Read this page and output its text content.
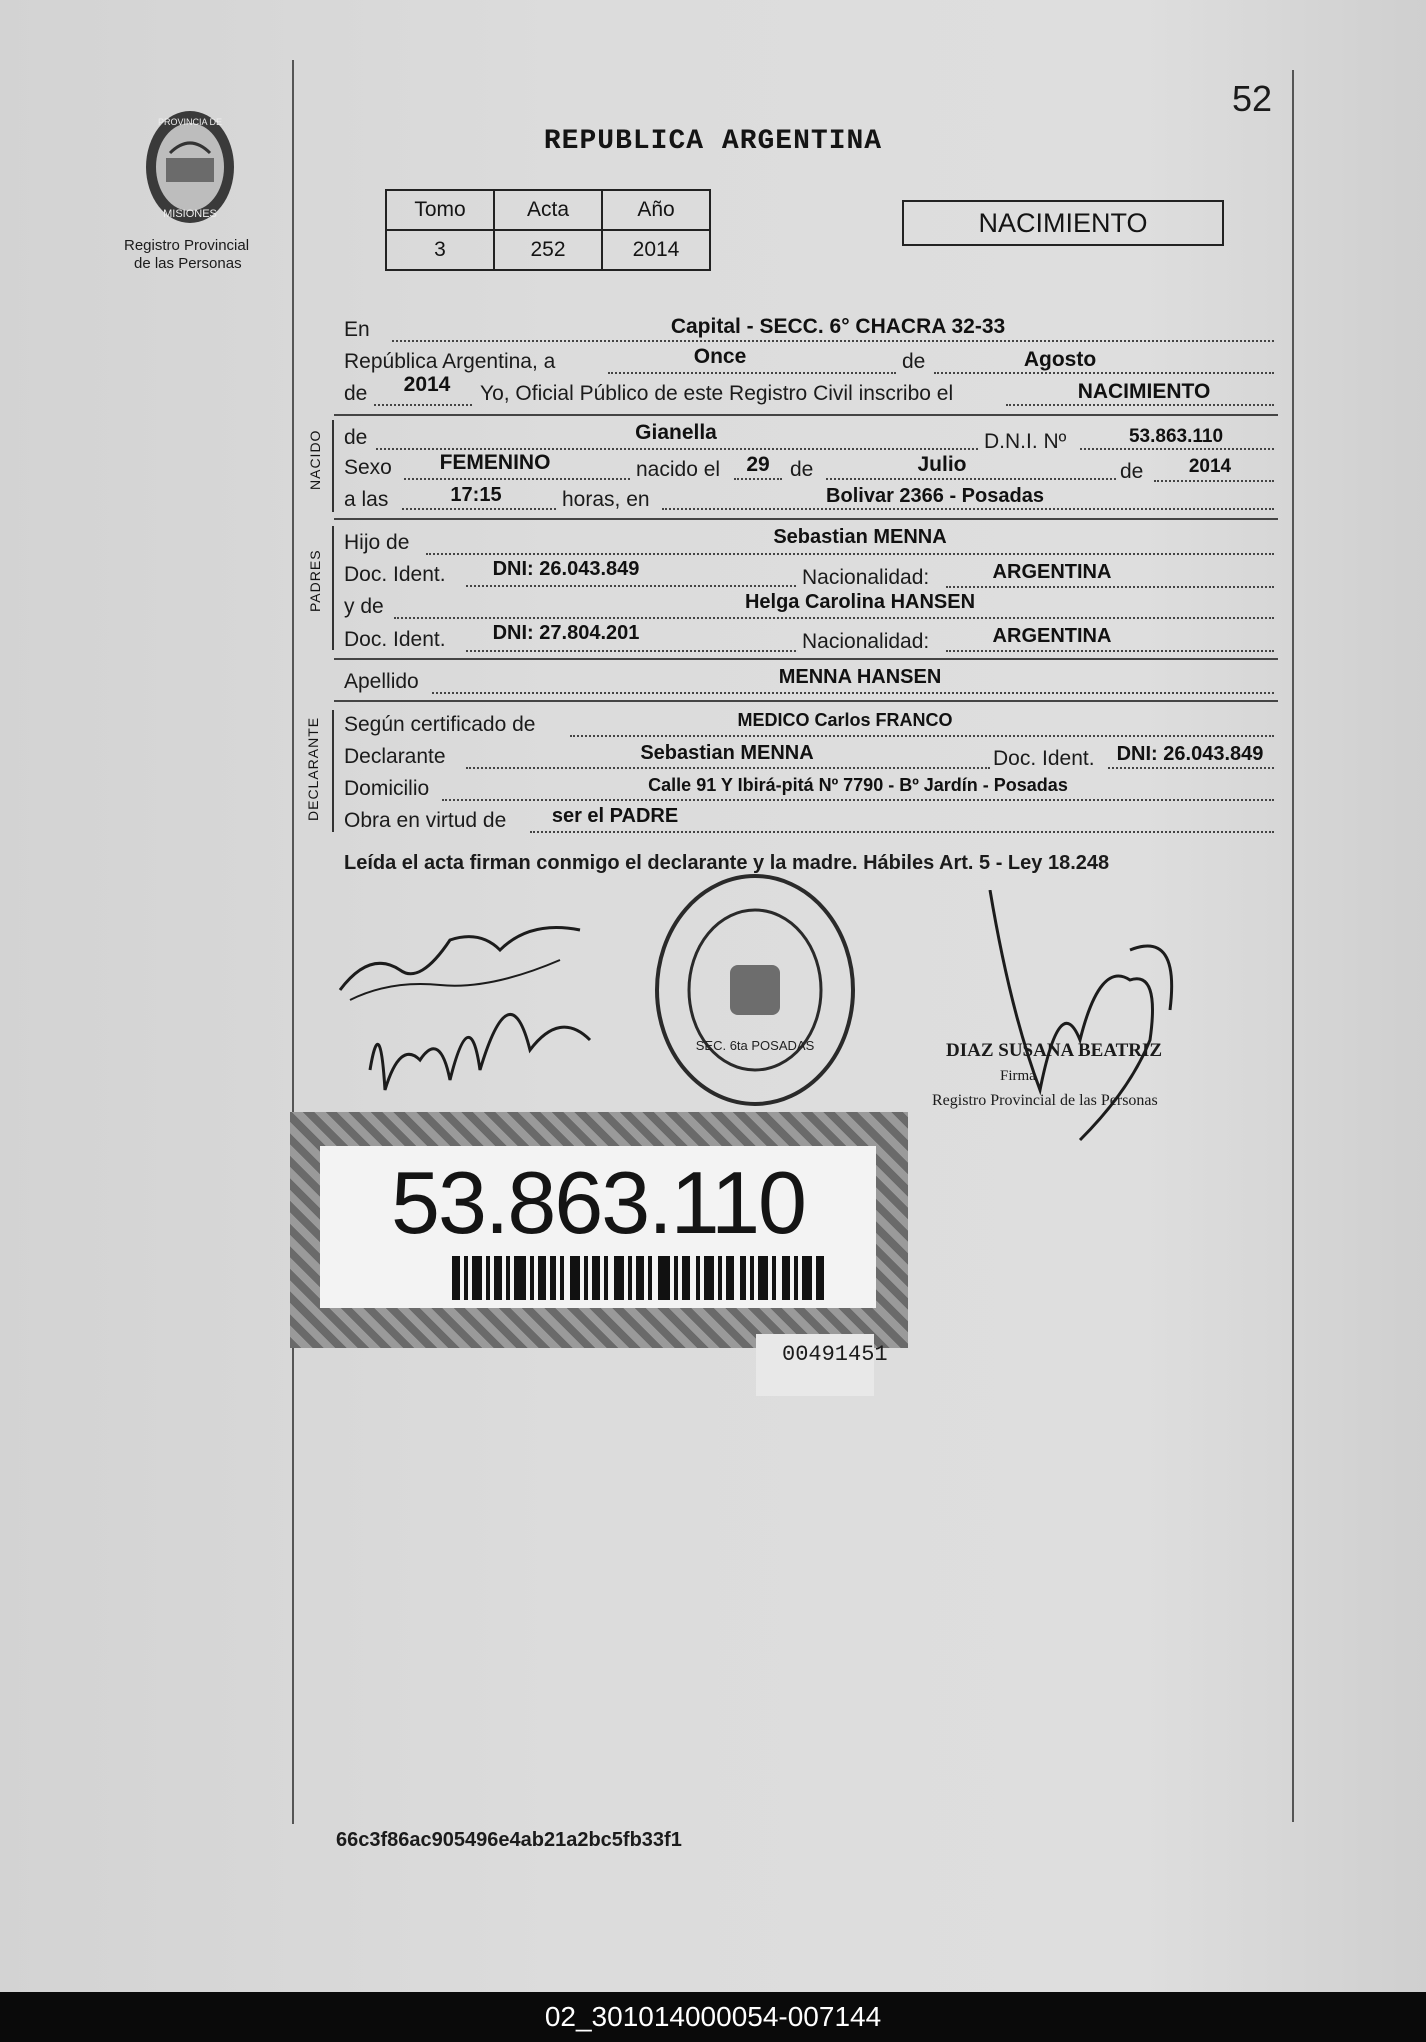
52
PROVINCIA DE
MISIONES
Registro Provincial
de las Personas
REPUBLICA ARGENTINA
Tomo	Acta	Año
3	252	2014
NACIMIENTO
En	Capital - SECC. 6° CHACRA 32-33
República Argentina, a	Once	de	Agosto
de 2014 Yo, Oficial Público de este Registro Civil inscribo el	NACIMIENTO
NACIDO de	Gianella	D.N.I. Nº	53.863.110
Sexo FEMENINO	nacido el 29 de	Julio	de 2014
a las	17:15	horas, en	Bolivar 2366 - Posadas
PADRES
Hijo de	Sebastian MENNA
Doc. Ident. DNI: 26.043.849	Nacionalidad:	ARGENTINA
y de	Helga Carolina HANSEN
Doc. Ident. DNI: 27.804.201	Nacionalidad:	ARGENTINA
Apellido	MENNA HANSEN
DECLARANTE Según certificado de	MEDICO Carlos FRANCO
Declarante	Sebastian MENNA	Doc. Ident. DNI: 26.043.849
Domicilio	Calle 91 Y Ibirá-pitá Nº 7790 - Bº Jardín - Posadas
Obra en virtud de ser el PADRE
Leída el acta firman conmigo el declarante y la madre. Hábiles Art. 5 - Ley 18.248
SEC. 6ta POSADAS	DIAZ SUSANA BEATRIZ
Firma
Registro Provincial de las Personas
53.863.110
00491451
66c3f86ac905496e4ab21a2bc5fb33f1
02_301014000054-007144
